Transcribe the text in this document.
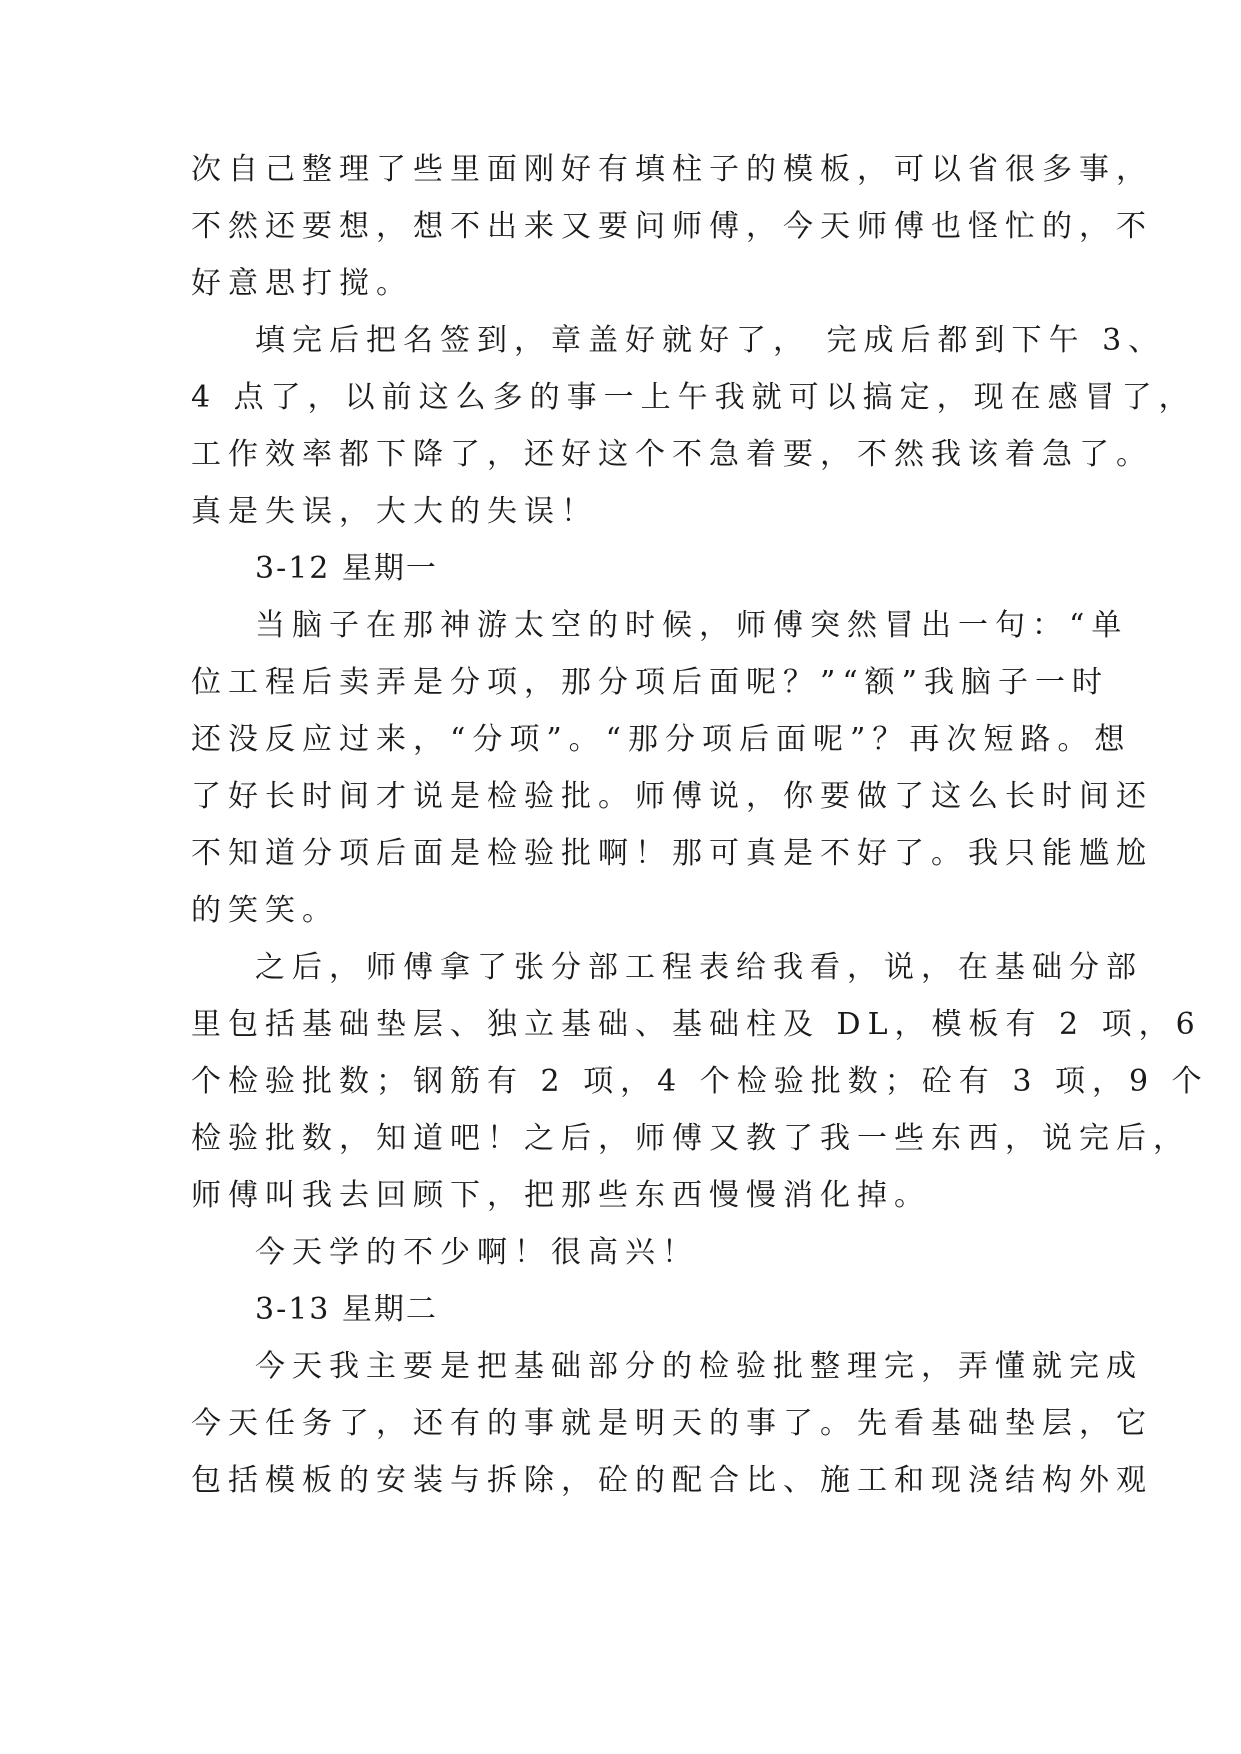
次自己整理了些里面刚好有填柱子的模板，可以省很多事，
不然还要想，想不出来又要问师傅，今天师傅也怪忙的，不
好意思打搅。
填完后把名签到，章盖好就好了， 完成后都到下午 3、
4 点了，以前这么多的事一上午我就可以搞定，现在感冒了，
工作效率都下降了，还好这个不急着要，不然我该着急了。
真是失误，大大的失误！
3-12 星期一
当脑子在那神游太空的时候，师傅突然冒出一句：“单
位工程后卖弄是分项，那分项后面呢？”“额”我脑子一时
还没反应过来，“分项”。“那分项后面呢”？再次短路。想
了好长时间才说是检验批。师傅说，你要做了这么长时间还
不知道分项后面是检验批啊！那可真是不好了。我只能尴尬
的笑笑。
之后，师傅拿了张分部工程表给我看，说，在基础分部
里包括基础垫层、独立基础、基础柱及 DL，模板有 2 项，6
个检验批数；钢筋有 2 项，4 个检验批数；砼有 3 项，9 个
检验批数，知道吧！之后，师傅又教了我一些东西，说完后，
师傅叫我去回顾下，把那些东西慢慢消化掉。
今天学的不少啊！很高兴！
3-13 星期二
今天我主要是把基础部分的检验批整理完，弄懂就完成
今天任务了，还有的事就是明天的事了。先看基础垫层，它
包括模板的安装与拆除，砼的配合比、施工和现浇结构外观
